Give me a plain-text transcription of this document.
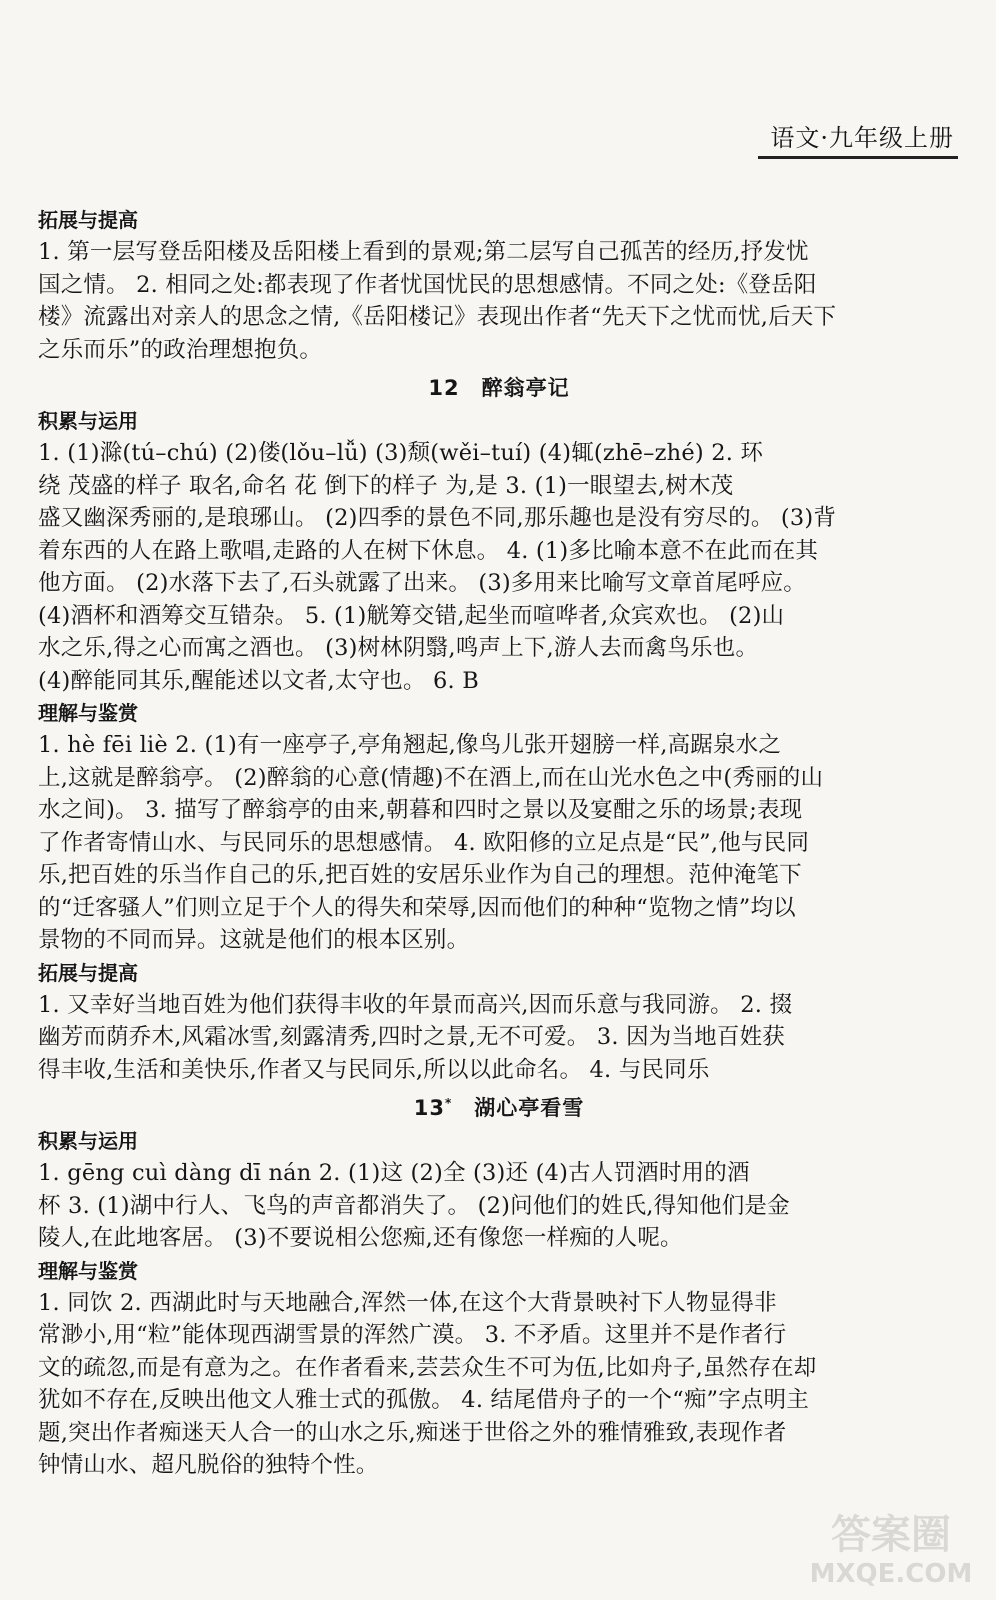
语文·九年级上册
拓展与提高
1. 第一层写登岳阳楼及岳阳楼上看到的景观;第二层写自己孤苦的经历,抒发忧
国之情。 2. 相同之处:都表现了作者忧国忧民的思想感情。不同之处:《登岳阳
楼》流露出对亲人的思念之情,《岳阳楼记》表现出作者“先天下之忧而忧,后天下
之乐而乐”的政治理想抱负。
12  醉翁亭记
积累与运用
1. (1)滁(tú–chú) (2)偻(lǒu–lǚ) (3)颓(wěi–tuí) (4)辄(zhē–zhé) 2. 环
绕 茂盛的样子 取名,命名 花 倒下的样子 为,是 3. (1)一眼望去,树木茂
盛又幽深秀丽的,是琅琊山。 (2)四季的景色不同,那乐趣也是没有穷尽的。 (3)背
着东西的人在路上歌唱,走路的人在树下休息。 4. (1)多比喻本意不在此而在其
他方面。 (2)水落下去了,石头就露了出来。 (3)多用来比喻写文章首尾呼应。
(4)酒杯和酒筹交互错杂。 5. (1)觥筹交错,起坐而喧哗者,众宾欢也。 (2)山
水之乐,得之心而寓之酒也。 (3)树林阴翳,鸣声上下,游人去而禽鸟乐也。
(4)醉能同其乐,醒能述以文者,太守也。 6. B
理解与鉴赏
1. hè fēi liè 2. (1)有一座亭子,亭角翘起,像鸟儿张开翅膀一样,高踞泉水之
上,这就是醉翁亭。 (2)醉翁的心意(情趣)不在酒上,而在山光水色之中(秀丽的山
水之间)。 3. 描写了醉翁亭的由来,朝暮和四时之景以及宴酣之乐的场景;表现
了作者寄情山水、与民同乐的思想感情。 4. 欧阳修的立足点是“民”,他与民同
乐,把百姓的乐当作自己的乐,把百姓的安居乐业作为自己的理想。范仲淹笔下
的“迁客骚人”们则立足于个人的得失和荣辱,因而他们的种种“览物之情”均以
景物的不同而异。这就是他们的根本区别。
拓展与提高
1. 又幸好当地百姓为他们获得丰收的年景而高兴,因而乐意与我同游。 2. 掇
幽芳而荫乔木,风霜冰雪,刻露清秀,四时之景,无不可爱。 3. 因为当地百姓获
得丰收,生活和美快乐,作者又与民同乐,所以以此命名。 4. 与民同乐
13*  湖心亭看雪
积累与运用
1. gēng cuì dàng dī nán 2. (1)这 (2)全 (3)还 (4)古人罚酒时用的酒
杯 3. (1)湖中行人、飞鸟的声音都消失了。 (2)问他们的姓氏,得知他们是金
陵人,在此地客居。 (3)不要说相公您痴,还有像您一样痴的人呢。
理解与鉴赏
1. 同饮 2. 西湖此时与天地融合,浑然一体,在这个大背景映衬下人物显得非
常渺小,用“粒”能体现西湖雪景的浑然广漠。 3. 不矛盾。这里并不是作者行
文的疏忽,而是有意为之。在作者看来,芸芸众生不可为伍,比如舟子,虽然存在却
犹如不存在,反映出他文人雅士式的孤傲。 4. 结尾借舟子的一个“痴”字点明主
题,突出作者痴迷天人合一的山水之乐,痴迷于世俗之外的雅情雅致,表现作者
钟情山水、超凡脱俗的独特个性。
答案圈
MXQE.COM
